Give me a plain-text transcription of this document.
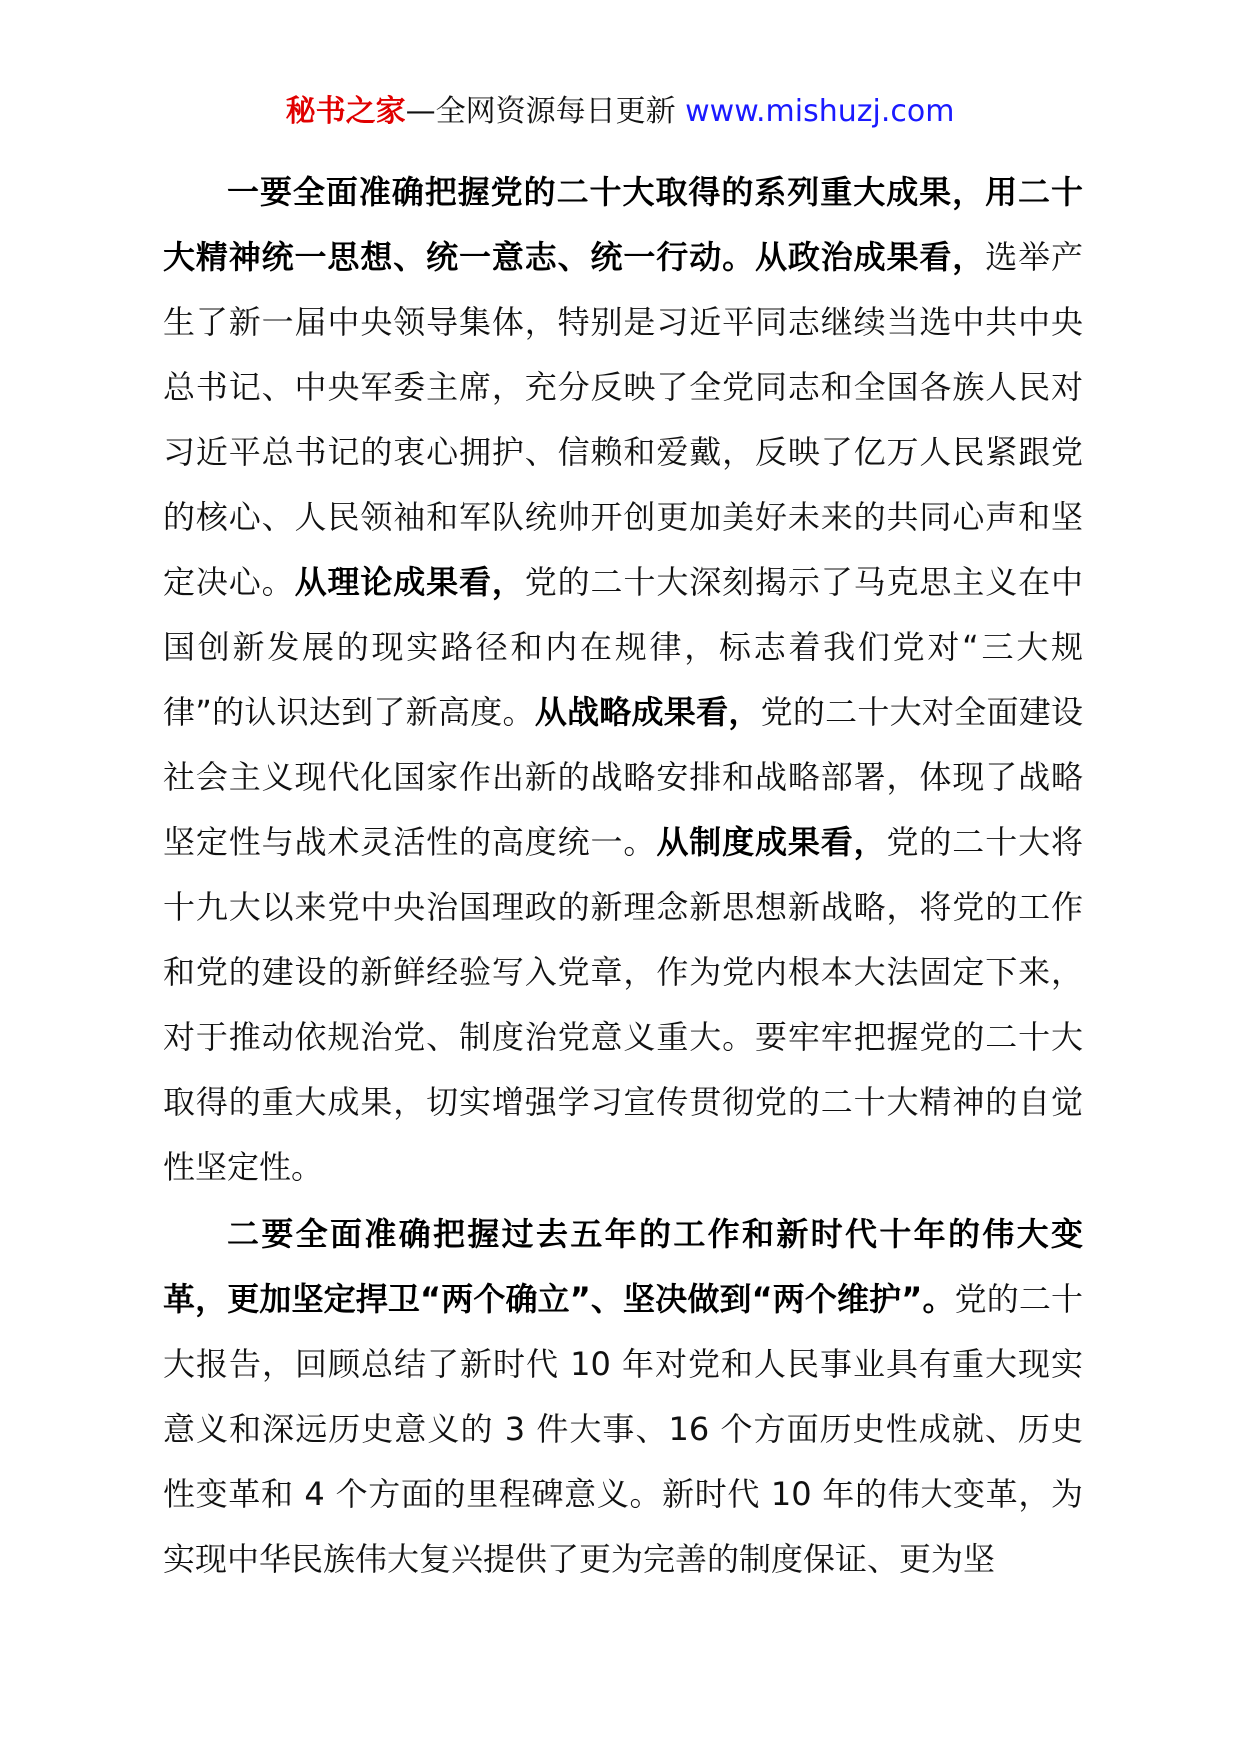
秘书之家—全网资源每日更新 www.mishuzj.com

一要全面准确把握党的二十大取得的系列重大成果，用二十大精神统一思想、统一意志、统一行动。从政治成果看，选举产生了新一届中央领导集体，特别是习近平同志继续当选中共中央总书记、中央军委主席，充分反映了全党同志和全国各族人民对习近平总书记的衷心拥护、信赖和爱戴，反映了亿万人民紧跟党的核心、人民领袖和军队统帅开创更加美好未来的共同心声和坚定决心。从理论成果看，党的二十大深刻揭示了马克思主义在中国创新发展的现实路径和内在规律，标志着我们党对“三大规律”的认识达到了新高度。从战略成果看，党的二十大对全面建设社会主义现代化国家作出新的战略安排和战略部署，体现了战略坚定性与战术灵活性的高度统一。从制度成果看，党的二十大将十九大以来党中央治国理政的新理念新思想新战略，将党的工作和党的建设的新鲜经验写入党章，作为党内根本大法固定下来，对于推动依规治党、制度治党意义重大。要牢牢把握党的二十大取得的重大成果，切实增强学习宣传贯彻党的二十大精神的自觉性坚定性。

二要全面准确把握过去五年的工作和新时代十年的伟大变革，更加坚定捍卫“两个确立”、坚决做到“两个维护”。党的二十大报告，回顾总结了新时代 10 年对党和人民事业具有重大现实意义和深远历史意义的 3 件大事、16 个方面历史性成就、历史性变革和 4 个方面的里程碑意义。新时代 10 年的伟大变革，为实现中华民族伟大复兴提供了更为完善的制度保证、更为坚
